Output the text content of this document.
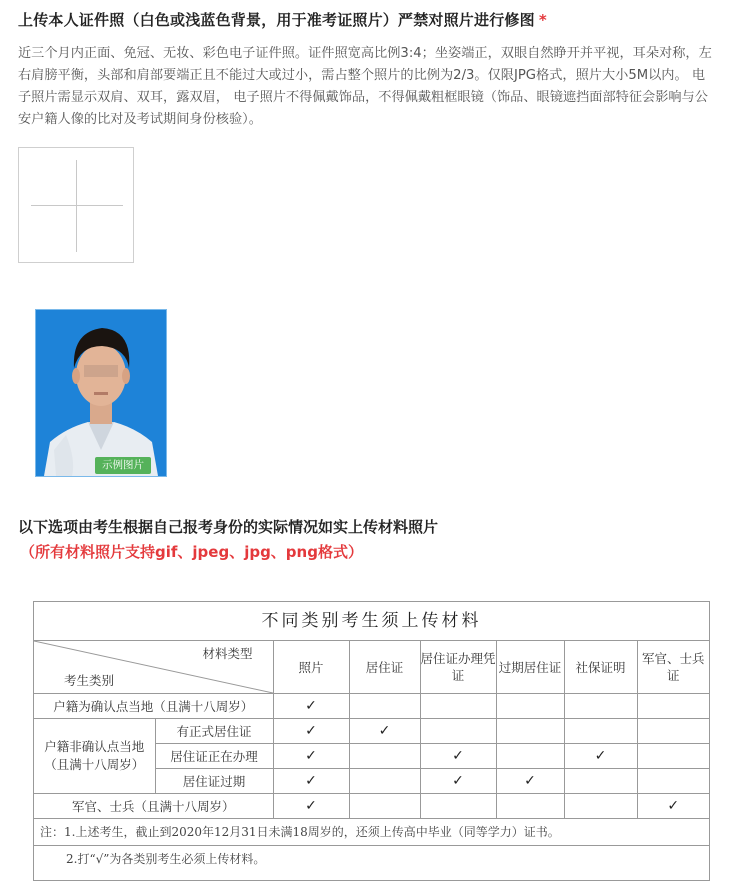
上传本人证件照（白色或浅蓝色背景，用于准考证照片）严禁对照片进行修图 *
近三个月内正面、免冠、无妆、彩色电子证件照。证件照宽高比例3:4；坐姿端正，双眼自然睁开并平视，耳朵对称，左右肩膀平衡，头部和肩部要端正且不能过大或过小，需占整个照片的比例为2/3。仅限JPG格式，照片大小5M以内。 电子照片需显示双肩、双耳，露双眉， 电子照片不得佩戴饰品，不得佩戴粗框眼镜（饰品、眼镜遮挡面部特征会影响与公安户籍人像的比对及考试期间身份核验）。
示例图片
以下选项由考生根据自己报考身份的实际情况如实上传材料照片
（所有材料照片支持gif、jpeg、jpg、png格式）
不同类别考生须上传材料
材料类型
考生类别		照片	居住证	居住证办理凭证	过期居住证	社保证明	军官、士兵证
户籍为确认点当地（且满十八周岁）		✓					
户籍非确认点当地（且满十八周岁）	有正式居住证	✓	✓				
	居住证正在办理	✓		✓		✓	
	居住证过期	✓		✓	✓		
军官、士兵（且满十八周岁）		✓					✓
注：1.上述考生，截止到2020年12月31日未满18周岁的，还须上传高中毕业（同等学力）证书。
2.打“√”为各类别考生必须上传材料。
